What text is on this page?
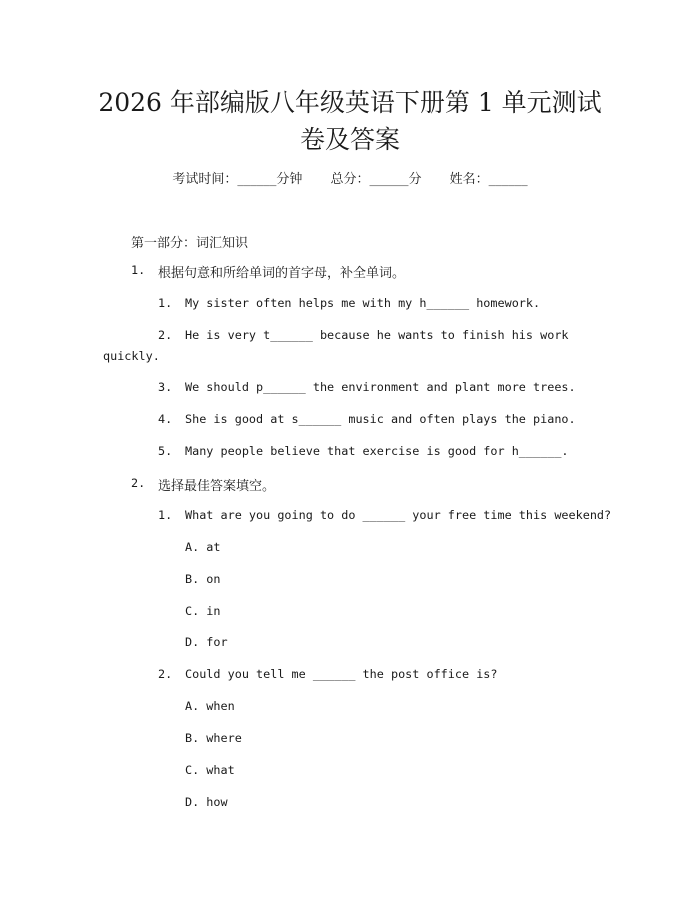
2026 年部编版八年级英语下册第 1 单元测试
卷及答案
考试时间：______分钟 总分：______分 姓名：______
第一部分：词汇知识
1. 根据句意和所给单词的首字母，补全单词。
1. My sister often helps me with my h______ homework.
2. He is very t______ because he wants to finish his work
quickly.
3. We should p______ the environment and plant more trees.
4. She is good at s______ music and often plays the piano.
5. Many people believe that exercise is good for h______.
2. 选择最佳答案填空。
1. What are you going to do ______ your free time this weekend?
A. at
B. on
C. in
D. for
2. Could you tell me ______ the post office is?
A. when
B. where
C. what
D. how
